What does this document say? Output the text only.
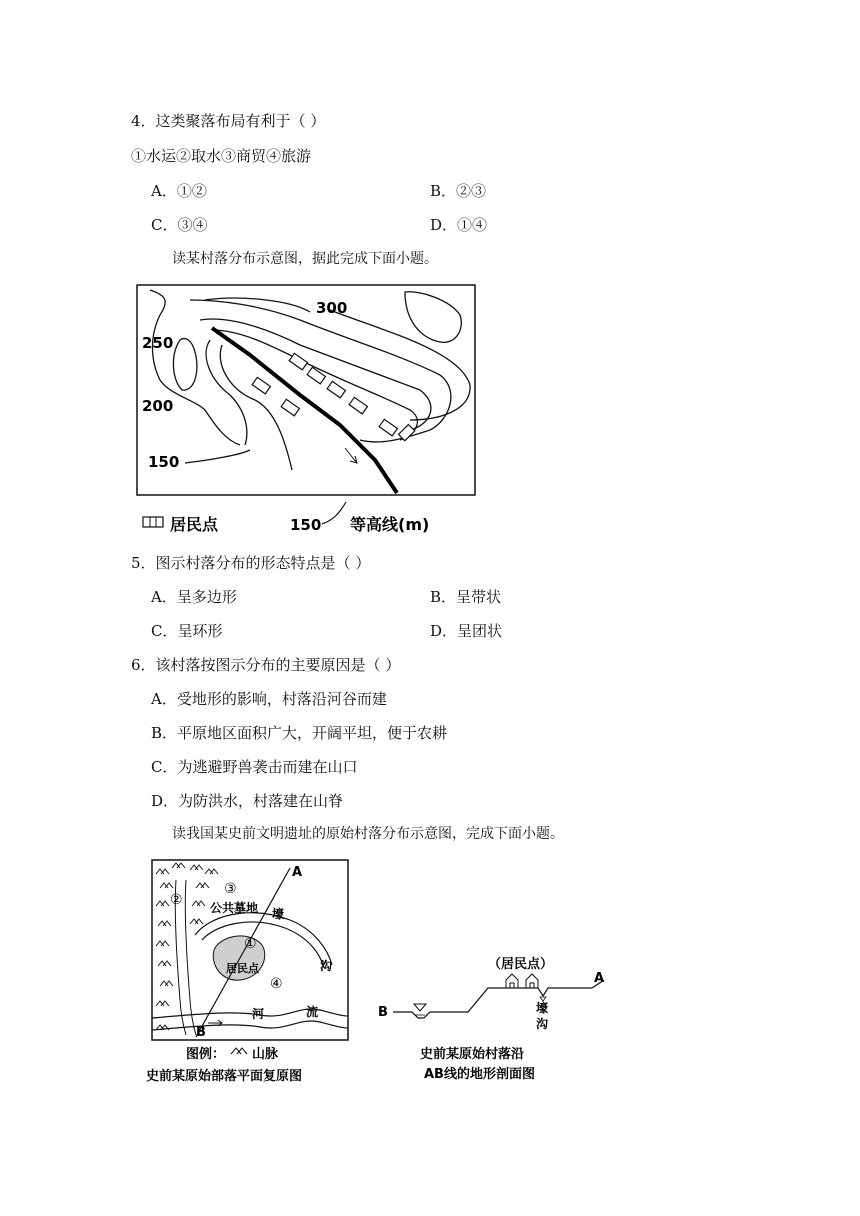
4．这类聚落布局有利于（ ）
①水运②取水③商贸④旅游
A．①②	B．②③
C．③④	D．①④
读某村落分布示意图，据此完成下面小题。
300
250
200
150
居民点	150 等高线(m)
5．图示村落分布的形态特点是（ ）
A．呈多边形	B．呈带状
C．呈环形	D．呈团状
6．该村落按图示分布的主要原因是（ ）
A．受地形的影响，村落沿河谷而建
B．平原地区面积广大，开阔平坦，便于农耕
C．为逃避野兽袭击而建在山口
D．为防洪水，村落建在山脊
读我国某史前文明遗址的原始村落分布示意图，完成下面小题。
A
B
②
③
公共墓地 壕
①
居民点	沟
④
河	流
图例： 山脉
史前某原始部落平面复原图
（居民点）
A
B	壕
沟
史前某原始村落沿
AB线的地形剖面图
